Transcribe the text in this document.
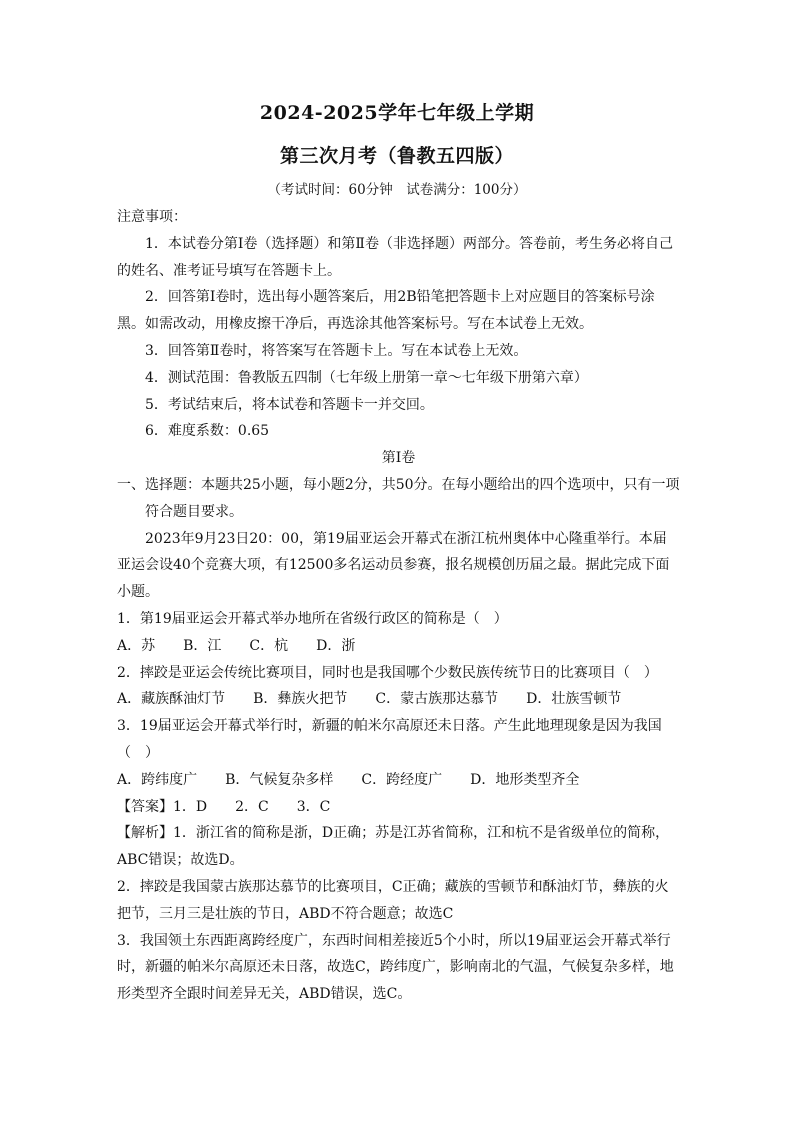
2024-2025学年七年级上学期
第三次月考（鲁教五四版）
（考试时间：60分钟　试卷满分：100分）

注意事项：

1．本试卷分第Ⅰ卷（选择题）和第Ⅱ卷（非选择题）两部分。答卷前，考生务必将自己的姓名、准考证号填写在答题卡上。

2．回答第Ⅰ卷时，选出每小题答案后，用2B铅笔把答题卡上对应题目的答案标号涂黑。如需改动，用橡皮擦干净后，再选涂其他答案标号。写在本试卷上无效。

3．回答第Ⅱ卷时，将答案写在答题卡上。写在本试卷上无效。

4．测试范围：鲁教版五四制（七年级上册第一章～七年级下册第六章）

5．考试结束后，将本试卷和答题卡一并交回。

6．难度系数：0.65

第Ⅰ卷

一、选择题：本题共25小题，每小题2分，共50分。在每小题给出的四个选项中，只有一项符合题目要求。

2023年9月23日20：00，第19届亚运会开幕式在浙江杭州奥体中心隆重举行。本届亚运会设40个竞赛大项，有12500多名运动员参赛，报名规模创历届之最。据此完成下面小题。

1．第19届亚运会开幕式举办地所在省级行政区的简称是（　）

A．苏　　B．江　　C．杭　　D．浙

2．摔跤是亚运会传统比赛项目，同时也是我国哪个少数民族传统节日的比赛项目（　）

A．藏族酥油灯节　　B．彝族火把节　　C．蒙古族那达慕节　　D．壮族雪顿节

3．19届亚运会开幕式举行时，新疆的帕米尔高原还未日落。产生此地理现象是因为我国（　）

A．跨纬度广　　B．气候复杂多样　　C．跨经度广　　D．地形类型齐全

【答案】1．D　　2．C　　3．C

【解析】1．浙江省的简称是浙，D正确；苏是江苏省简称，江和杭不是省级单位的简称，ABC错误；故选D。

2．摔跤是我国蒙古族那达慕节的比赛项目，C正确；藏族的雪顿节和酥油灯节，彝族的火把节，三月三是壮族的节日，ABD不符合题意；故选C

3．我国领土东西距离跨经度广，东西时间相差接近5个小时，所以19届亚运会开幕式举行时，新疆的帕米尔高原还未日落，故选C，跨纬度广，影响南北的气温，气候复杂多样，地形类型齐全跟时间差异无关，ABD错误，选C。
